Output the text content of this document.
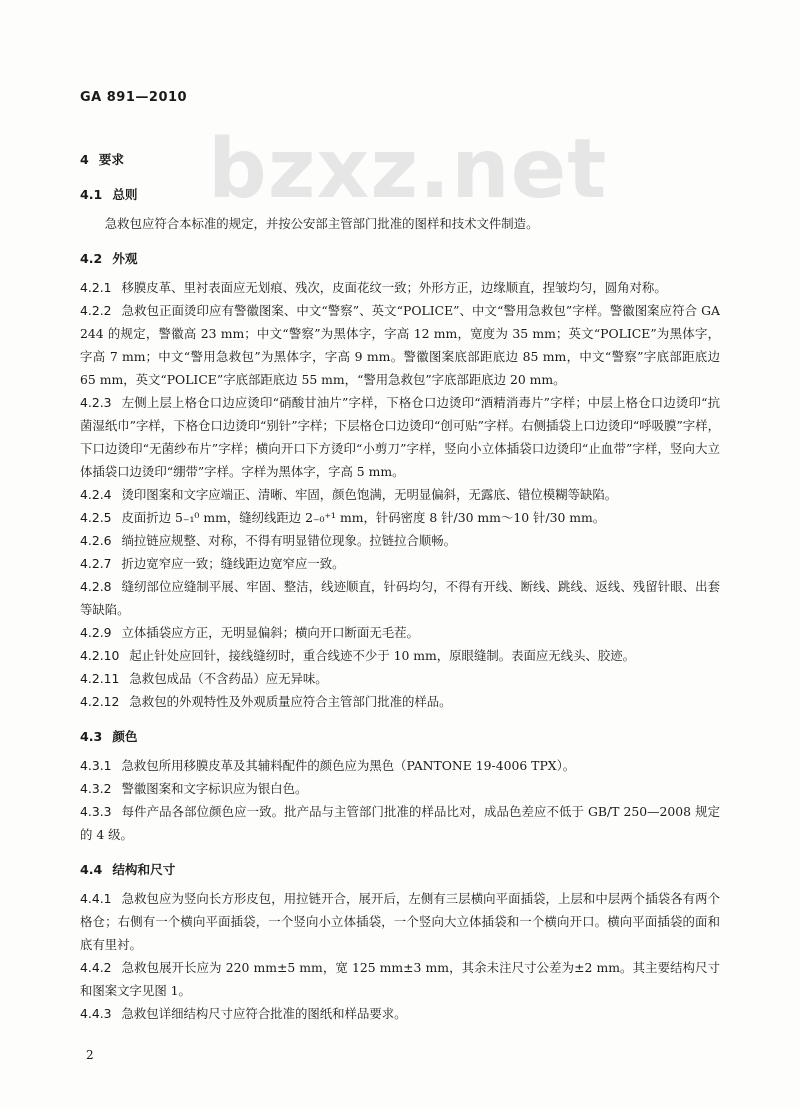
bzxz.net
GA 891—2010
4 要求
4.1 总则

急救包应符合本标准的规定，并按公安部主管部门批准的图样和技术文件制造。

4.2 外观

4.2.1 移膜皮革、里衬表面应无划痕、残次，皮面花纹一致；外形方正，边缘顺直，捏皱均匀，圆角对称。

4.2.2 急救包正面烫印应有警徽图案、中文“警察”、英文“POLICE”、中文“警用急救包”字样。警徽图案应符合 GA 244 的规定，警徽高 23 mm；中文“警察”为黑体字，字高 12 mm，宽度为 35 mm；英文“POLICE”为黑体字，字高 7 mm；中文“警用急救包”为黑体字，字高 9 mm。警徽图案底部距底边 85 mm，中文“警察”字底部距底边 65 mm，英文“POLICE”字底部距底边 55 mm，“警用急救包”字底部距底边 20 mm。

4.2.3 左侧上层上格仓口边应烫印“硝酸甘油片”字样，下格仓口边烫印“酒精消毒片”字样；中层上格仓口边烫印“抗菌湿纸巾”字样，下格仓口边烫印“别针”字样；下层格仓口边烫印“创可贴”字样。右侧插袋上口边烫印“呼吸膜”字样，下口边烫印“无菌纱布片”字样；横向开口下方烫印“小剪刀”字样，竖向小立体插袋口边烫印“止血带”字样，竖向大立体插袋口边烫印“绷带”字样。字样为黑体字，字高 5 mm。

4.2.4 烫印图案和文字应端正、清晰、牢固，颜色饱满，无明显偏斜，无露底、错位模糊等缺陷。

4.2.5 皮面折边 5₋₁⁰ mm，缝纫线距边 2₋₀⁺¹ mm，针码密度 8 针/30 mm～10 针/30 mm。

4.2.6 绱拉链应规整、对称，不得有明显错位现象。拉链拉合顺畅。

4.2.7 折边宽窄应一致；缝线距边宽窄应一致。

4.2.8 缝纫部位应缝制平展、牢固、整洁，线迹顺直，针码均匀，不得有开线、断线、跳线、返线、残留针眼、出套等缺陷。

4.2.9 立体插袋应方正，无明显偏斜；横向开口断面无毛茬。

4.2.10 起止针处应回针，接线缝纫时，重合线迹不少于 10 mm，原眼缝制。表面应无线头、胶迹。

4.2.11 急救包成品（不含药品）应无异味。

4.2.12 急救包的外观特性及外观质量应符合主管部门批准的样品。

4.3 颜色

4.3.1 急救包所用移膜皮革及其辅料配件的颜色应为黑色（PANTONE 19-4006 TPX）。

4.3.2 警徽图案和文字标识应为银白色。

4.3.3 每件产品各部位颜色应一致。批产品与主管部门批准的样品比对，成品色差应不低于 GB/T 250—2008 规定的 4 级。

4.4 结构和尺寸

4.4.1 急救包应为竖向长方形皮包，用拉链开合，展开后，左侧有三层横向平面插袋，上层和中层两个插袋各有两个格仓；右侧有一个横向平面插袋，一个竖向小立体插袋，一个竖向大立体插袋和一个横向开口。横向平面插袋的面和底有里衬。

4.4.2 急救包展开长应为 220 mm±5 mm，宽 125 mm±3 mm，其余未注尺寸公差为±2 mm。其主要结构尺寸和图案文字见图 1。

4.4.3 急救包详细结构尺寸应符合批准的图纸和样品要求。

2
